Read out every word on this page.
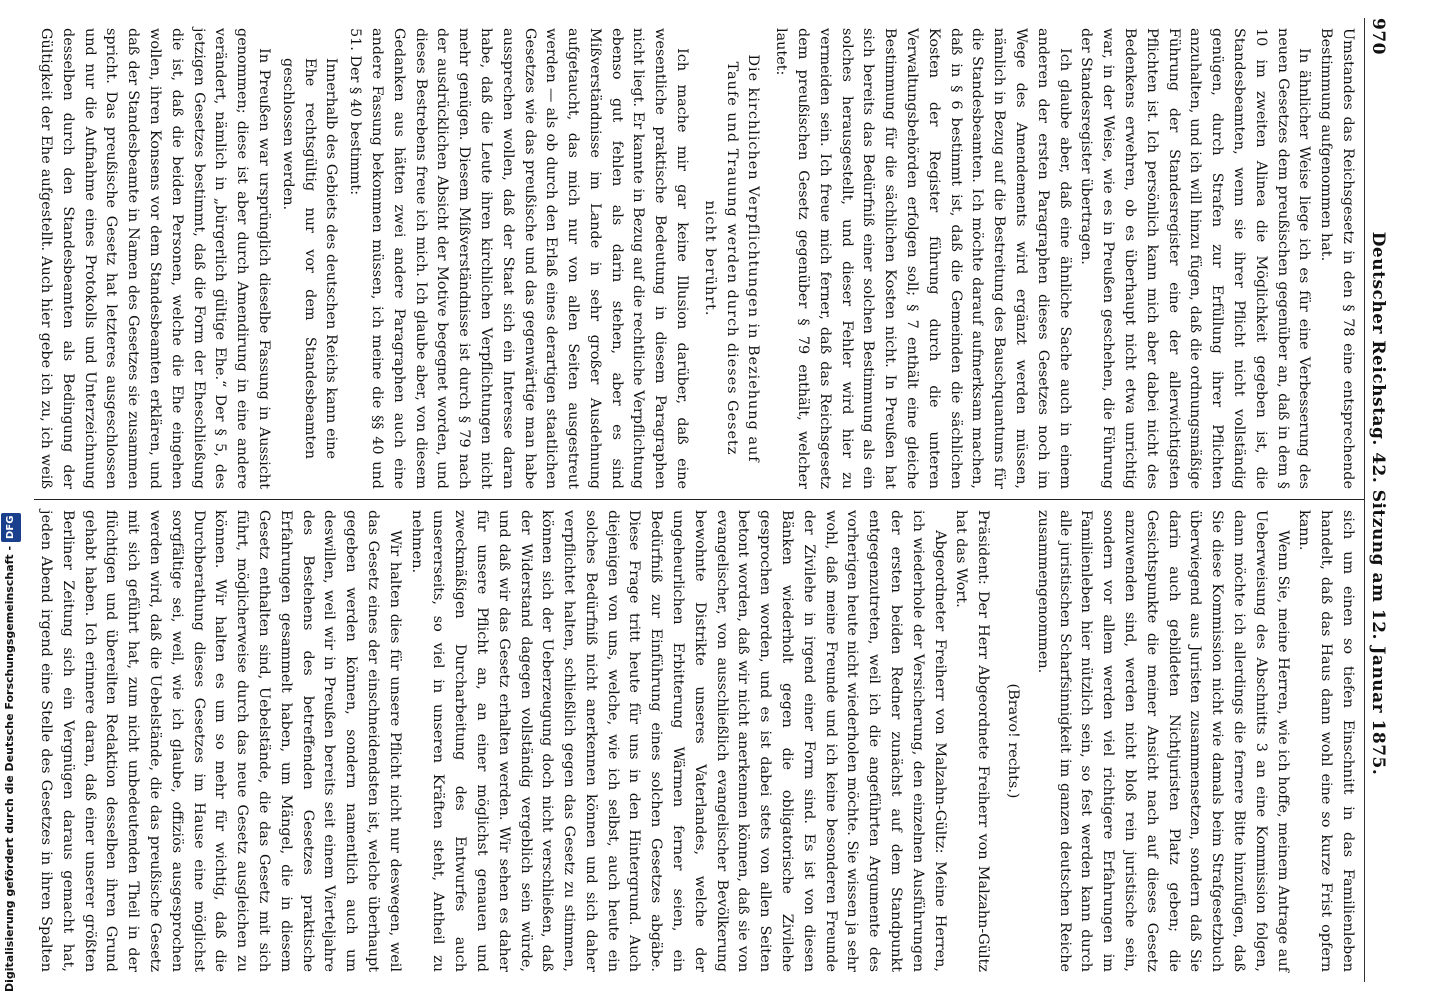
970
Deutscher Reichstag. 42. Sitzung am 12. Januar 1875.

Umstandes das Reichsgesetz in den § 78 eine entsprechende Bestimmung aufgenommen hat.

In ähnlicher Weise liege ich es für eine Verbesserung des neuen Gesetzes dem preußischen gegenüber an, daß in dem § 10 im zweiten Alinea die Möglichkeit gegeben ist, die Standesbeamten, wenn sie ihrer Pflicht nicht vollständig genügen, durch Strafen zur Erfüllung ihrer Pflichten anzuhalten, und ich will hinzu fügen, daß die ordnungsmäßige Führung der Standesregister eine der allerwichtigsten Pflichten ist. Ich persönlich kann mich aber dabei nicht des Bedenkens erwehren, ob es überhaupt nicht etwa unrichtig war, in der Weise, wie es in Preußen geschehen, die Führung der Standesregister übertragen.

Ich glaube aber, daß eine ähnliche Sache auch in einem anderen der ersten Paragraphen dieses Gesetzes noch im Wege des Amendements wird ergänzt werden müssen, nämlich in Bezug auf die Bestreitung des Bauschquantums für die Standesbeamten. Ich möchte darauf aufmerksam machen, daß in § 6 bestimmt ist, daß die Gemeinden die sächlichen Kosten der Register führung durch die unteren Verwaltungsbehörden erfolgen soll; § 7 enthält eine gleiche Bestimmung für die sächlichen Kosten nicht. In Preußen hat sich bereits das Bedürfniß einer solchen Bestimmung als ein solches herausgestellt, und dieser Fehler wird hier zu vermeiden sein. Ich freue mich ferner, daß das Reichsgesetz dem preußischen Gesetz gegenüber § 79 enthält, welcher lautet:

Die kirchlichen Verpflichtungen in Beziehung auf Taufe und Trauung werden durch dieses Gesetz nicht berührt.

Ich mache mir gar keine Illusion darüber, daß eine wesentliche praktische Bedeutung in diesem Paragraphen nicht liegt. Er kannte in Bezug auf die rechtliche Verpflichtung ebenso gut fehlen als darin stehen, aber es sind Mißverständnisse im Lande in sehr großer Ausdehnung aufgetaucht, das mich nur von allen Seiten ausgestreut werden — als ob durch den Erlaß eines derartigen staatlichen Gesetzes wie das preußische und das gegenwärtige man habe aussprechen wollen, daß der Staat sich ein Interesse daran habe, daß die Leute ihren kirchlichen Verpflichtungen nicht mehr genügen. Diesem Mißverständnisse ist durch § 79 nach der ausdrücklichen Absicht der Motive begegnet worden, und dieses Bestrebens freue ich mich. Ich glaube aber, von diesem Gedanken aus hätten zwei andere Paragraphen auch eine andere Fassung bekommen müssen, ich meine die §§ 40 und 51. Der § 40 bestimmt:

Innerhalb des Gebiets des deutschen Reichs kann eine Ehe rechtsgültig nur vor dem Standesbeamten geschlossen werden.

In Preußen war ursprünglich dieselbe Fassung in Aussicht genommen; diese ist aber durch Amendirung in eine andere verändert, nämlich in „bürgerlich gültige Ehe.“ Der § 5, des jetzigen Gesetzes bestimmt, daß die Form der Eheschließung die ist, daß die beiden Personen, welche die Ehe eingehen wollen, ihren Konsens vor dem Standesbeamten erklären, und daß der Standesbeamte in Namen des Gesetzes sie zusammen spricht. Das preußische Gesetz hat letzteres ausgeschlossen und nur die Aufnahme eines Protokolls und Unterzeichnung desselben durch den Standesbeamten als Bedingung der Gültigkeit der Ehe aufgestellt. Auch hier gebe ich zu, ich weiß

sich um einen so tiefen Einschnitt in das Familienleben handelt, daß das Haus dann wohl eine so kurze Frist opfern kann.

Wenn Sie, meine Herren, wie ich hoffe, meinem Antrage auf Ueberweisung des Abschnitts 3 an eine Kommission folgen, dann möchte ich allerdings die fernere Bitte hinzufügen, daß Sie diese Kommission nicht wie damals beim Strafgesetzbuch überwiegend aus Juristen zusammensetzen, sondern daß Sie darin auch gebildeten Nichtjuristen Platz geben; die Gesichtspunkte die meiner Ansicht nach auf dieses Gesetz anzuwenden sind, werden nicht bloß rein juristische sein, sondern vor allem werden viel richtigere Erfahrungen im Familienleben hier nützlich sein, so fest werden kann durch alle juristischen Scharfsinnigkeit im ganzen deutschen Reiche zusammengenommen.

(Bravo! rechts.)

Präsident: Der Herr Abgeordnete Freiherr von Malzahn-Gültz hat das Wort.

Abgeordneter Freiherr von Malzahn-Gültz: Meine Herren, ich wiederhole der Versicherung, den einzelnen Ausführungen der ersten beiden Redner zunächst auf dem Standpunkt entgegenzutreten, weil ich die angeführten Argumente des vorherigen heute nicht wiederholen möchte. Sie wissen ja sehr wohl, daß meine Freunde und ich keine besonderen Freunde der Zivilehe in irgend einer Form sind. Es ist von diesen Bänken wiederholt gegen die obligatorische Zivilehe gesprochen worden, und es ist dabei stets von allen Seiten betont worden, daß wir nicht anerkennen können, daß sie von evangelischer, von ausschließlich evangelischer Bevölkerung bewohnte Distrikte unseres Vaterlandes, welche der ungeheurlichen Erbitterung Wärmen ferner seien, ein Bedürfniß zur Einführung eines solchen Gesetzes abgäbe. Diese Frage tritt heute für uns in den Hintergrund. Auch diejenigen von uns, welche, wie ich selbst, auch heute ein solches Bedürfniß nicht anerkennen können und sich daher verpflichtet halten, schließlich gegen das Gesetz zu stimmen, können sich der Ueberzeugung doch nicht verschließen, daß der Widerstand dagegen vollständig vergeblich sein würde, und daß wir das Gesetz erhalten werden. Wir sehen es daher für unsere Pflicht an, an einer möglichst genauen und zweckmäßigen Durcharbeitung des Entwurfes auch unsererseits, so viel in unseren Kräften steht, Antheil zu nehmen.

Wir halten dies für unsere Pflicht nicht nur deswegen, weil das Gesetz eines der einschneidendsten ist, welche überhaupt gegeben werden können, sondern namentlich auch um deswillen, weil wir in Preußen bereits seit einem Vierteljahre des Bestehens des betreffenden Gesetzes praktische Erfahrungen gesammelt haben, um Mängel, die in diesem Gesetz enthalten sind, Uebelstände, die das Gesetz mit sich führt, möglicherweise durch das neue Gesetz ausgleichen zu können. Wir halten es um so mehr für wichtig, daß die Durchberathung dieses Gesetzes im Hause eine möglichst sorgfältige sei, weil, wie ich glaube, offiziös ausgesprochen werden wird, daß die Uebelstände, die das preußische Gesetz mit sich geführt hat, zum nicht unbedeutenden Theil in der flüchtigen und übereilten Redaktion desselben ihren Grund gehabt haben. Ich erinnere daran, daß einer unserer größten Berliner Zeitung sich ein Vergnügen daraus gemacht hat, jeden Abend irgend eine Stelle des Gesetzes in ihren Spalten

Digitalisierung gefördert durch die Deutsche Forschungsgemeinschaft -DFG
